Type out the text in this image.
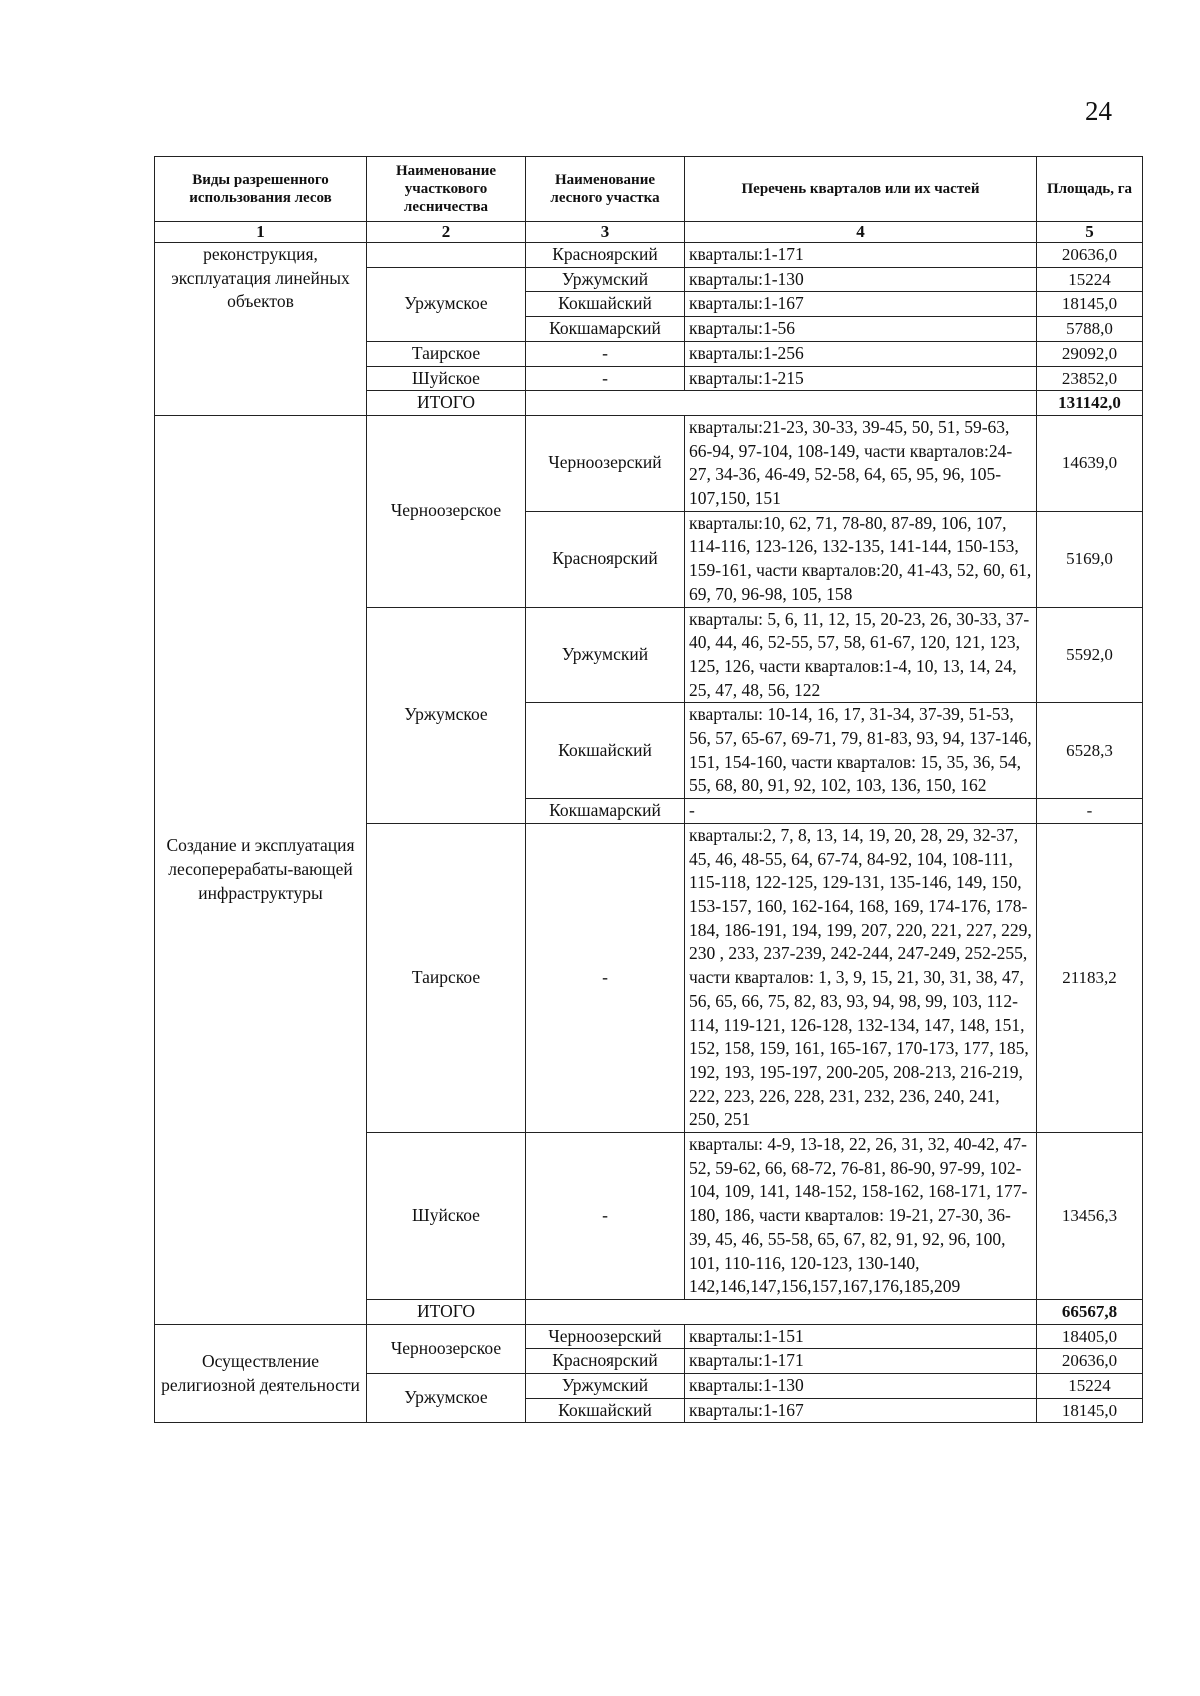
24
Виды разрешенного использования лесов	Наименование участкового лесничества	Наименование лесного участка	Перечень кварталов или их частей	Площадь, га
1	2	3	4	5
реконструкция, эксплуатация линейных объектов		Красноярский	кварталы:1-171	20636,0
	Уржумское	Уржумский	кварталы:1-130	15224
		Кокшайский	кварталы:1-167	18145,0
		Кокшамарский	кварталы:1-56	5788,0
	Таирское	-	кварталы:1-256	29092,0
	Шуйское	-	кварталы:1-215	23852,0
	ИТОГО			131142,0
Создание и эксплуатация лесоперерабаты-вающей инфраструктуры	Черноозерское	Черноозерский	кварталы:21-23, 30-33, 39-45, 50, 51, 59-63, 66-94, 97-104, 108-149, части кварталов:24-27, 34-36, 46-49, 52-58, 64, 65, 95, 96, 105-107,150, 151	14639,0
		Красноярский	кварталы:10, 62, 71, 78-80, 87-89, 106, 107, 114-116, 123-126, 132-135, 141-144, 150-153, 159-161, части кварталов:20, 41-43, 52, 60, 61, 69, 70, 96-98, 105, 158	5169,0
	Уржумское	Уржумский	кварталы: 5, 6, 11, 12, 15, 20-23, 26, 30-33, 37-40, 44, 46, 52-55, 57, 58, 61-67, 120, 121, 123, 125, 126, части кварталов:1-4, 10, 13, 14, 24, 25, 47, 48, 56, 122	5592,0
		Кокшайский	кварталы: 10-14, 16, 17, 31-34, 37-39, 51-53, 56, 57, 65-67, 69-71, 79, 81-83, 93, 94, 137-146, 151, 154-160, части кварталов: 15, 35, 36, 54, 55, 68, 80, 91, 92, 102, 103, 136, 150, 162	6528,3
		Кокшамарский	-	-
	Таирское	-	кварталы:2, 7, 8, 13, 14, 19, 20, 28, 29, 32-37, 45, 46, 48-55, 64, 67-74, 84-92, 104, 108-111, 115-118, 122-125, 129-131, 135-146, 149, 150, 153-157, 160, 162-164, 168, 169, 174-176, 178-184, 186-191, 194, 199, 207, 220, 221, 227, 229, 230 , 233, 237-239, 242-244, 247-249, 252-255, части кварталов: 1, 3, 9, 15, 21, 30, 31, 38, 47, 56, 65, 66, 75, 82, 83, 93, 94, 98, 99, 103, 112-114, 119-121, 126-128, 132-134, 147, 148, 151, 152, 158, 159, 161, 165-167, 170-173, 177, 185, 192, 193, 195-197, 200-205, 208-213, 216-219, 222, 223, 226, 228, 231, 232, 236, 240, 241, 250, 251	21183,2
	Шуйское	-	кварталы: 4-9, 13-18, 22, 26, 31, 32, 40-42, 47-52, 59-62, 66, 68-72, 76-81, 86-90, 97-99, 102-104, 109, 141, 148-152, 158-162, 168-171, 177-180, 186, части кварталов: 19-21, 27-30, 36-39, 45, 46, 55-58, 65, 67, 82, 91, 92, 96, 100, 101, 110-116, 120-123, 130-140, 142,146,147,156,157,167,176,185,209	13456,3
	ИТОГО			66567,8
Осуществление религиозной деятельности	Черноозерское	Черноозерский	кварталы:1-151	18405,0
		Красноярский	кварталы:1-171	20636,0
	Уржумское	Уржумский	кварталы:1-130	15224
		Кокшайский	кварталы:1-167	18145,0
